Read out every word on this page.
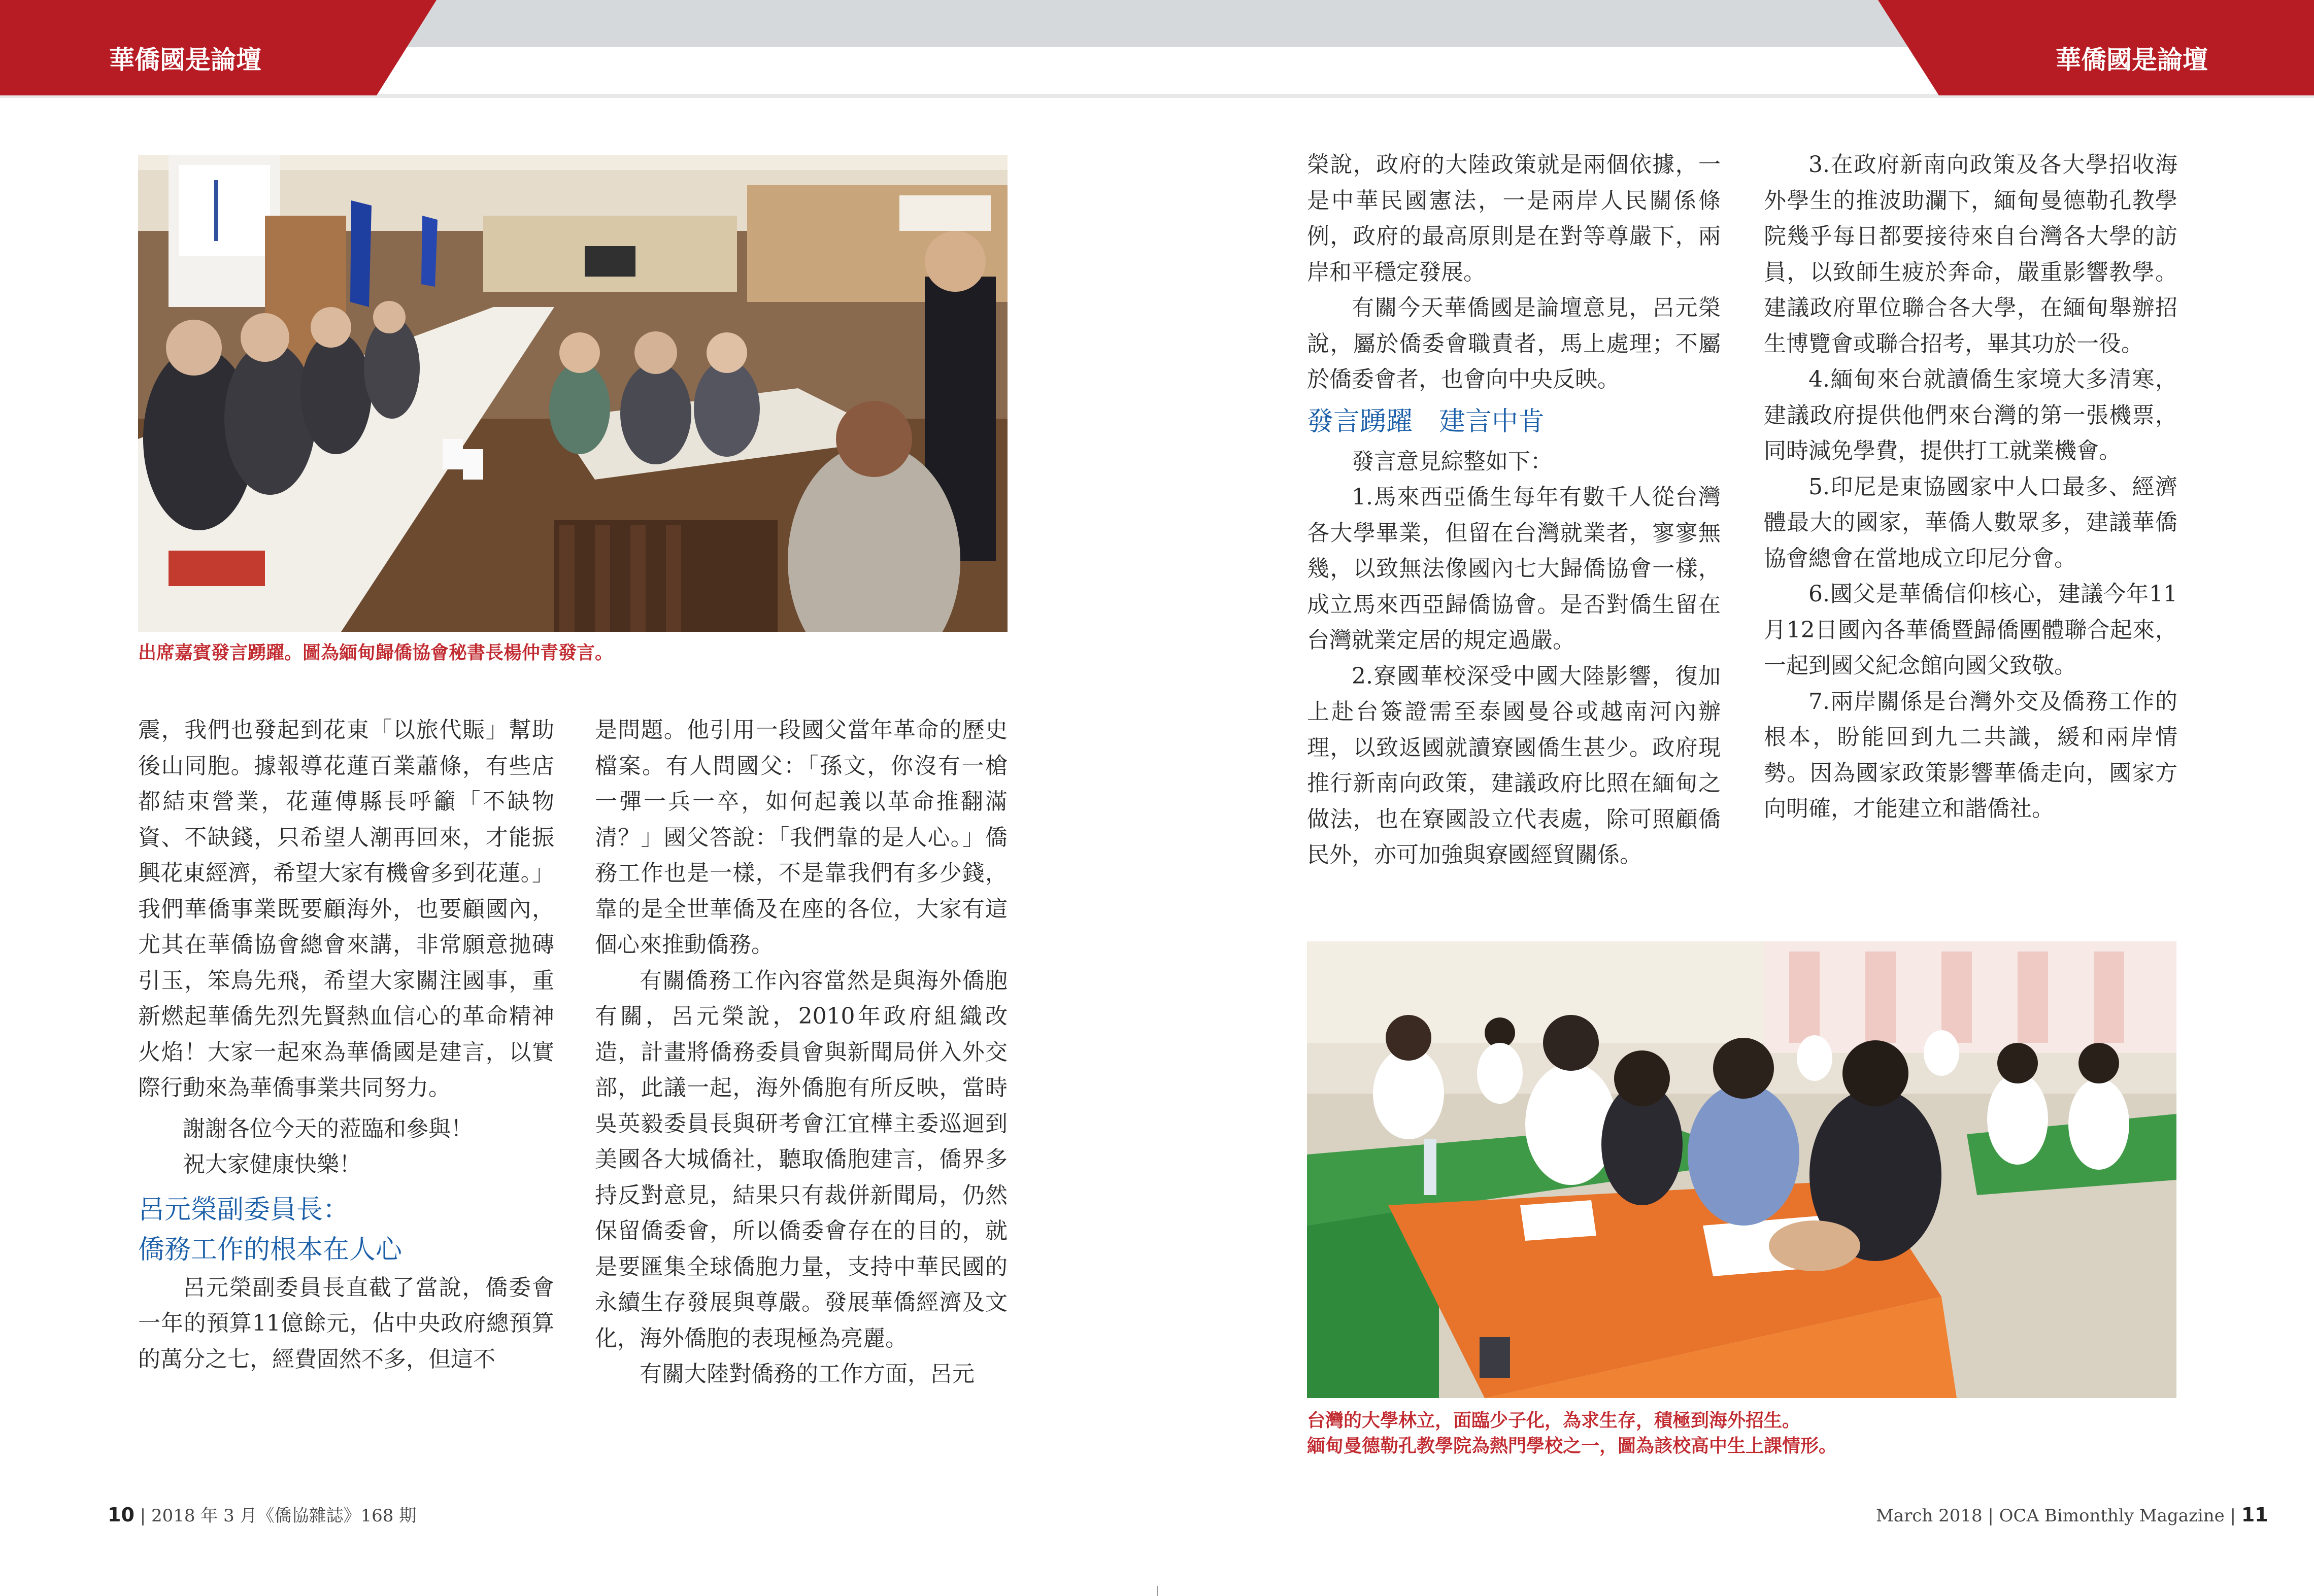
華僑國是論壇	華僑國是論壇
出席嘉賓發言踴躍。圖為緬甸歸僑協會秘書長楊仲青發言。

震，我們也發起到花東「以旅代賑」幫助後山同胞。據報導花蓮百業蕭條，有些店都結束營業，花蓮傅縣長呼籲「不缺物資、不缺錢，只希望人潮再回來，才能振興花東經濟，希望大家有機會多到花蓮。」我們華僑事業既要顧海外，也要顧國內，尤其在華僑協會總會來講，非常願意拋磚引玉，笨鳥先飛，希望大家關注國事，重新燃起華僑先烈先賢熱血信心的革命精神火焰！大家一起來為華僑國是建言，以實際行動來為華僑事業共同努力。

謝謝各位今天的蒞臨和參與！

祝大家健康快樂！

呂元榮副委員長：
僑務工作的根本在人心

呂元榮副委員長直截了當說，僑委會一年的預算11億餘元，佔中央政府總預算的萬分之七，經費固然不多，但這不

是問題。他引用一段國父當年革命的歷史檔案。有人問國父：「孫文，你沒有一槍一彈一兵一卒，如何起義以革命推翻滿清？」國父答說：「我們靠的是人心。」僑務工作也是一樣，不是靠我們有多少錢，靠的是全世華僑及在座的各位，大家有這個心來推動僑務。

有關僑務工作內容當然是與海外僑胞有關，呂元榮說，2010年政府組織改造，計畫將僑務委員會與新聞局併入外交部，此議一起，海外僑胞有所反映，當時吳英毅委員長與研考會江宜樺主委巡迴到美國各大城僑社，聽取僑胞建言，僑界多持反對意見，結果只有裁併新聞局，仍然保留僑委會，所以僑委會存在的目的，就是要匯集全球僑胞力量，支持中華民國的永續生存發展與尊嚴。發展華僑經濟及文化，海外僑胞的表現極為亮麗。

有關大陸對僑務的工作方面，呂元

榮說，政府的大陸政策就是兩個依據，一是中華民國憲法，一是兩岸人民關係條例，政府的最高原則是在對等尊嚴下，兩岸和平穩定發展。

有關今天華僑國是論壇意見，呂元榮說，屬於僑委會職責者，馬上處理；不屬於僑委會者，也會向中央反映。

發言踴躍　建言中肯

發言意見綜整如下：

1.馬來西亞僑生每年有數千人從台灣各大學畢業，但留在台灣就業者，寥寥無幾，以致無法像國內七大歸僑協會一樣，成立馬來西亞歸僑協會。是否對僑生留在台灣就業定居的規定過嚴。

2.寮國華校深受中國大陸影響，復加上赴台簽證需至泰國曼谷或越南河內辦理，以致返國就讀寮國僑生甚少。政府現推行新南向政策，建議政府比照在緬甸之做法，也在寮國設立代表處，除可照顧僑民外，亦可加強與寮國經貿關係。

3.在政府新南向政策及各大學招收海外學生的推波助瀾下，緬甸曼德勒孔教學院幾乎每日都要接待來自台灣各大學的訪員，以致師生疲於奔命，嚴重影響教學。建議政府單位聯合各大學，在緬甸舉辦招生博覽會或聯合招考，畢其功於一役。

4.緬甸來台就讀僑生家境大多清寒，建議政府提供他們來台灣的第一張機票，同時減免學費，提供打工就業機會。

5.印尼是東協國家中人口最多、經濟體最大的國家，華僑人數眾多，建議華僑協會總會在當地成立印尼分會。

6.國父是華僑信仰核心，建議今年11月12日國內各華僑暨歸僑團體聯合起來，一起到國父紀念館向國父致敬。

7.兩岸關係是台灣外交及僑務工作的根本，盼能回到九二共識，緩和兩岸情勢。因為國家政策影響華僑走向，國家方向明確，才能建立和諧僑社。

台灣的大學林立，面臨少子化，為求生存，積極到海外招生。
緬甸曼德勒孔教學院為熱門學校之一，圖為該校高中生上課情形。
10 | 2018 年 3 月《僑協雜誌》168 期	March 2018 | OCA Bimonthly Magazine | 11
